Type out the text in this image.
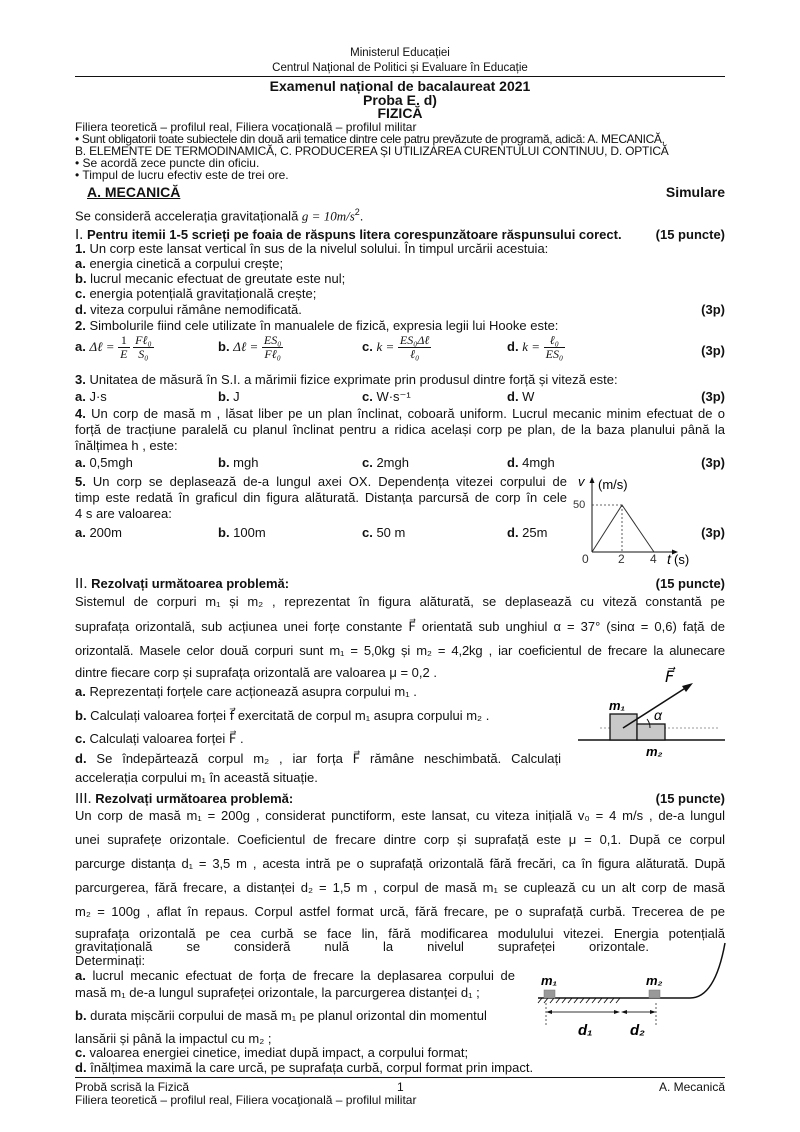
Ministerul Educației
Centrul Național de Politici și Evaluare în Educație
Examenul național de bacalaureat 2021
Proba E. d)
FIZICĂ
Filiera teoretică – profilul real, Filiera vocațională – profilul militar
• Sunt obligatorii toate subiectele din două arii tematice dintre cele patru prevăzute de programă, adică: A. MECANICĂ,
B. ELEMENTE DE TERMODINAMICĂ, C. PRODUCEREA ȘI UTILIZAREA CURENTULUI CONTINUU, D. OPTICĂ
• Se acordă zece puncte din oficiu.
• Timpul de lucru efectiv este de trei ore.
A. MECANICĂ	Simulare
Se consideră accelerația gravitațională $g = 10m/s^2$.
I. Pentru itemii 1-5 scrieți pe foaia de răspuns litera corespunzătoare răspunsului corect.	(15 puncte)
1. Un corp este lansat vertical în sus de la nivelul solului. În timpul urcării acestuia:
a. energia cinetică a corpului crește;
b. lucrul mecanic efectuat de greutate este nul;
c. energia potențială gravitațională crește;
d. viteza corpului rămâne nemodificată.	(3p)
2. Simbolurile fiind cele utilizate în manualele de fizică, expresia legii lui Hooke este:
a. Δℓ = $\frac{1}{E}$
$\frac{\text{Fℓ₀}}{\text{S₀}}$	b. Δℓ = $\frac{\text{ES₀}}{\text{Fℓ₀}}$	c. $k = \frac{\text{ES₀Δℓ}}{\text{ℓ₀}}$	d. $k = \frac{\text{ℓ₀}}{\text{ES₀}}$	(3p)
3. Unitatea de măsură în S.I. a mărimii fizice exprimate prin produsul dintre forță și viteză este:
a. J·s	b. J	c. W·s⁻¹	d. W	(3p)
4. Un corp de masă m , lăsat liber pe un plan înclinat, coboară uniform. Lucrul mecanic minim efectuat de o
forță de tracțiune paralelă cu planul înclinat pentru a ridica același corp pe plan, de la baza planului până la
înălțimea h , este:
a. 0,5mgh	b. mgh	c. 2mgh	d. 4mgh	(3p)
5. Un corp se deplasează de-a lungul axei OX. Dependența vitezei corpului de
timp este redată în graficul din figura alăturată. Distanța parcursă de corp în cele
4 s are valoarea:
a. 200m	b. 100m	c. 50 m	d. 25m	(3p)
v (m/s)
50
0 2 4 t (s)
II. Rezolvați următoarea problemă:	(15 puncte)
Sistemul de corpuri m₁ și m₂ , reprezentat în figura alăturată, se deplasează cu viteză constantă pe
suprafața orizontală, sub acțiunea unei forțe constante F⃗ orientată sub unghiul α = 37° (sinα = 0,6) față de
orizontală. Masele celor două corpuri sunt m₁ = 5,0kg și m₂ = 4,2kg , iar coeficientul de frecare la alunecare
dintre fiecare corp și suprafața orizontală are valoarea μ = 0,2 .
a. Reprezentați forțele care acționează asupra corpului m₁ .
b. Calculați valoarea forței f⃗ exercitată de corpul m₁ asupra corpului m₂ .
c. Calculați valoarea forței F⃗ .
d. Se îndepărtează corpul m₂ , iar forța F⃗ rămâne neschimbată. Calculați
accelerația corpului m₁ în această situație.
F⃗
m₁
α
m₂
III. Rezolvați următoarea problemă:	(15 puncte)
Un corp de masă m₁ = 200g , considerat punctiform, este lansat, cu viteza inițială v₀ = 4 m/s , de-a lungul
unei suprafețe orizontale. Coeficientul de frecare dintre corp și suprafață este μ = 0,1. După ce corpul
parcurge distanța d₁ = 3,5 m , acesta intră pe o suprafață orizontală fără frecări, ca în figura alăturată. După
parcurgerea, fără frecare, a distanței d₂ = 1,5 m , corpul de masă m₁ se cuplează cu un alt corp de masă
m₂ = 100g , aflat în repaus. Corpul astfel format urcă, fără frecare, pe o suprafață curbă. Trecerea de pe
suprafața orizontală pe cea curbă se face lin, fără modificarea modulului vitezei. Energia potențială
gravitațională se consideră nulă la nivelul suprafeței orizontale.
Determinați:
a. lucrul mecanic efectuat de forța de frecare la deplasarea corpului de
masă m₁ de-a lungul suprafeței orizontale, la parcurgerea distanței d₁ ;
b. durata mișcării corpului de masă m₁ pe planul orizontal din momentul
lansării și până la impactul cu m₂ ;
c. valoarea energiei cinetice, imediat după impact, a corpului format;
d. înălțimea maximă la care urcă, pe suprafața curbă, corpul format prin impact.
m₁	m₂
d₁	d₂
Probă scrisă la Fizică	1	A. Mecanică
Filiera teoretică – profilul real, Filiera vocaţională – profilul militar
